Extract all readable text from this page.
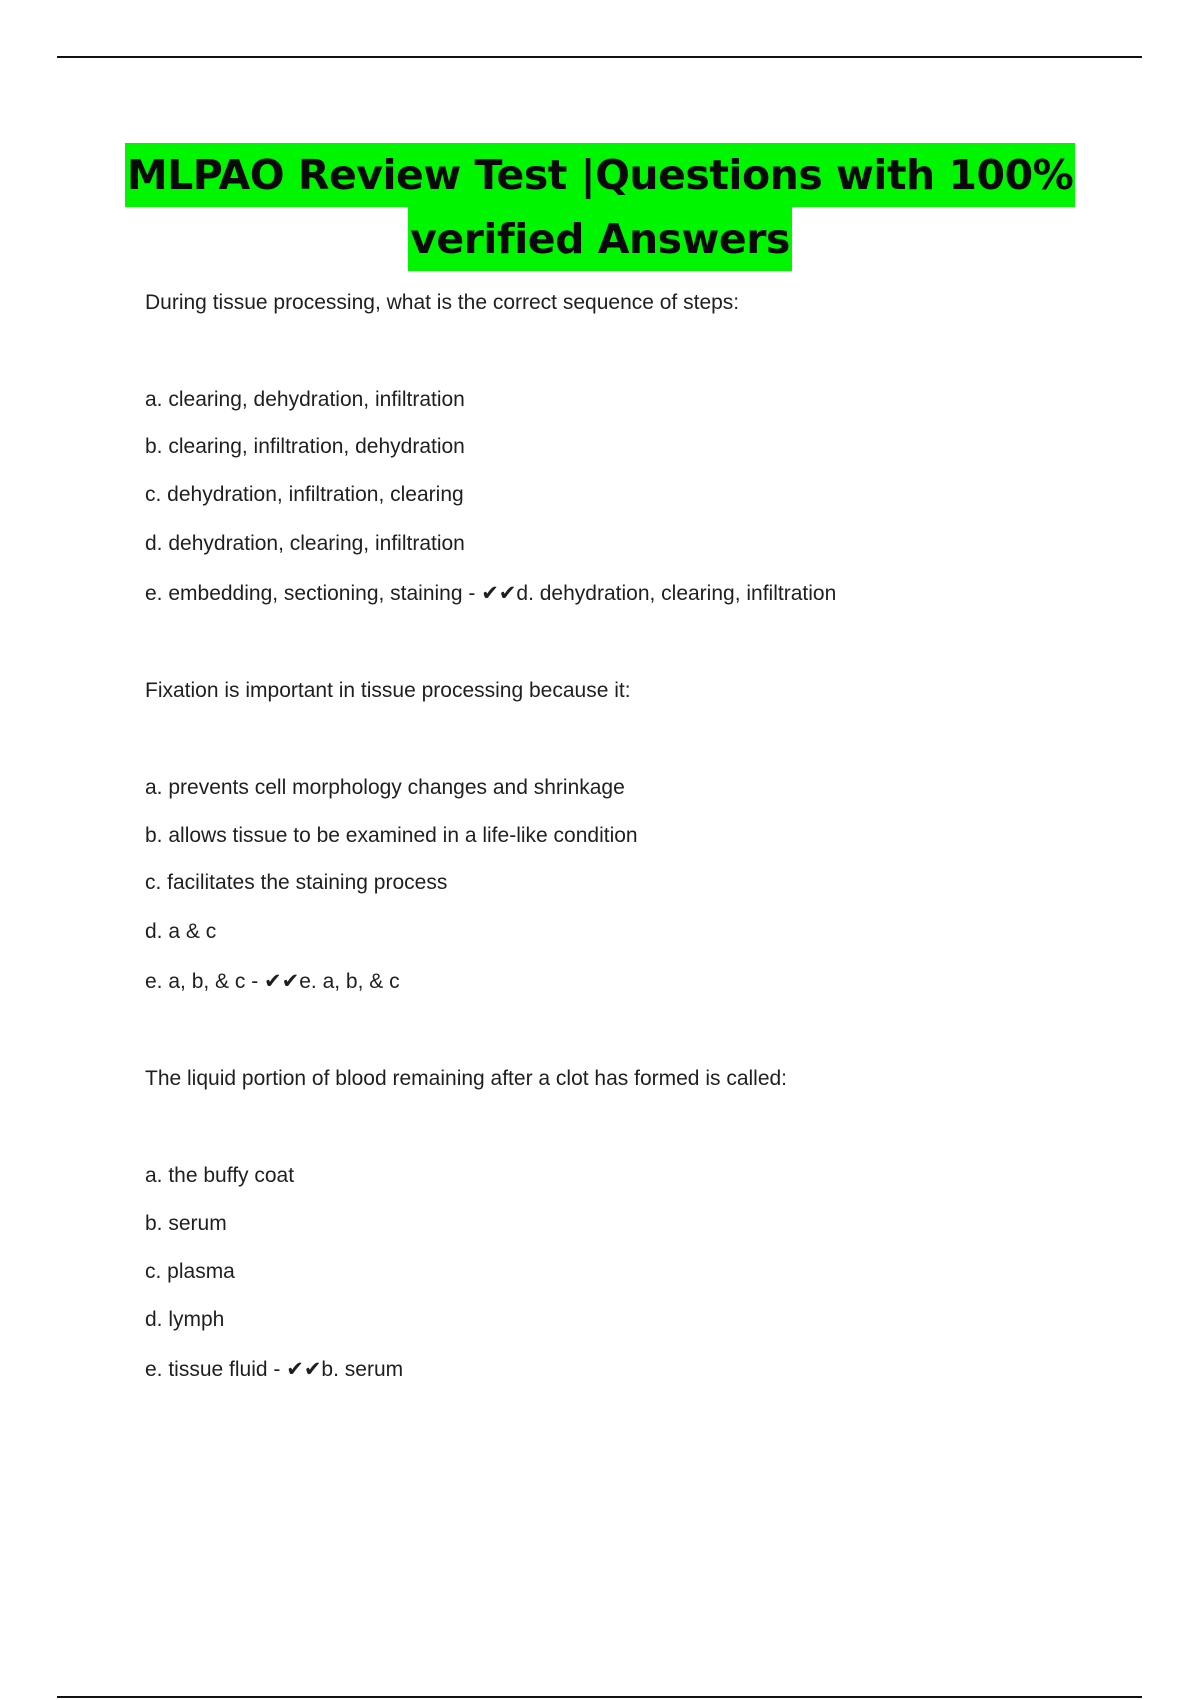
MLPAO Review Test |Questions with 100%
verified Answers
During tissue processing, what is the correct sequence of steps:
a. clearing, dehydration, infiltration
b. clearing, infiltration, dehydration
c. dehydration, infiltration, clearing
d. dehydration, clearing, infiltration
e. embedding, sectioning, staining - ✔✔d. dehydration, clearing, infiltration
Fixation is important in tissue processing because it:
a. prevents cell morphology changes and shrinkage
b. allows tissue to be examined in a life-like condition
c. facilitates the staining process
d. a & c
e. a, b, & c - ✔✔e. a, b, & c
The liquid portion of blood remaining after a clot has formed is called:
a. the buffy coat
b. serum
c. plasma
d. lymph
e. tissue fluid - ✔✔b. serum
